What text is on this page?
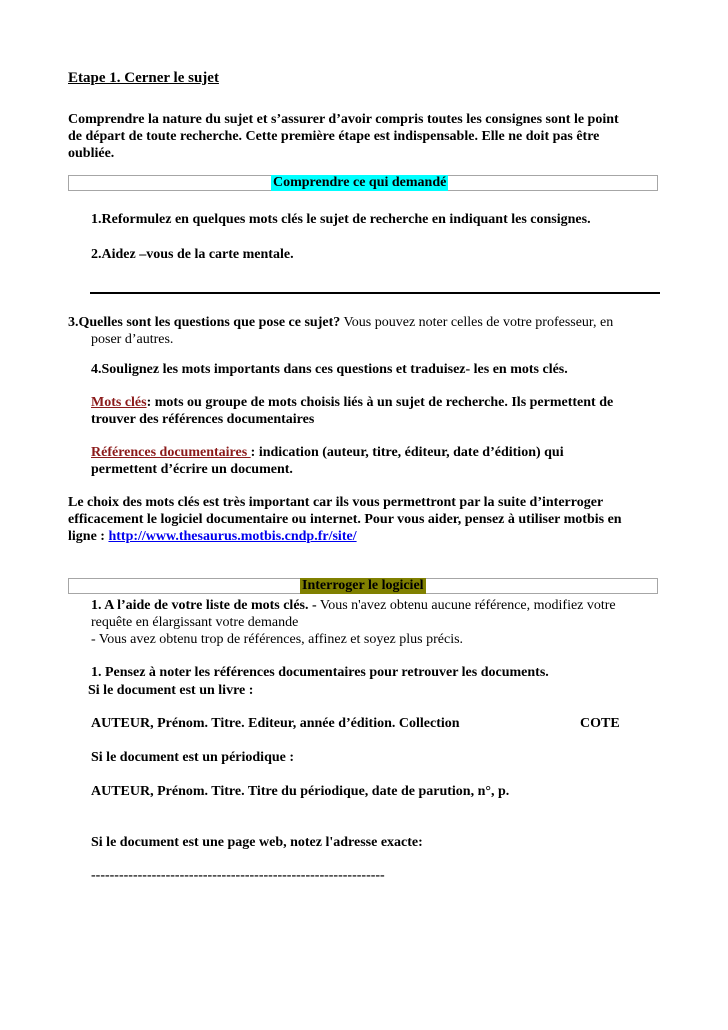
Etape 1. Cerner le sujet
Comprendre la nature du sujet et s’assurer d’avoir compris toutes les consignes sont le point
de départ de toute recherche. Cette première étape est indispensable. Elle ne doit pas être
oubliée.
Comprendre ce qui demandé
1.Reformulez en quelques mots clés le sujet de recherche en indiquant les consignes.
2.Aidez –vous de la carte mentale.
3.Quelles sont les questions que pose ce sujet? Vous pouvez noter celles de votre professeur, en
poser d’autres.
4.Soulignez les mots importants dans ces questions et traduisez- les en mots clés.
Mots clés: mots ou groupe de mots choisis liés à un sujet de recherche. Ils permettent de
trouver des références documentaires
Références documentaires : indication (auteur, titre, éditeur, date d’édition) qui
permettent d’écrire un document.
Le choix des mots clés est très important car ils vous permettront par la suite d’interroger
efficacement le logiciel documentaire ou internet. Pour vous aider, pensez à utiliser motbis en
ligne : http://www.thesaurus.motbis.cndp.fr/site/
Interroger le logiciel
1. A l’aide de votre liste de mots clés. - Vous n'avez obtenu aucune référence, modifiez votre
requête en élargissant votre demande
- Vous avez obtenu trop de références, affinez et soyez plus précis.
1. Pensez à noter les références documentaires pour retrouver les documents.
Si le document est un livre :
AUTEUR, Prénom. Titre. Editeur, année d’édition. Collection	COTE
Si le document est un périodique :
AUTEUR, Prénom. Titre. Titre du périodique, date de parution, n°, p.
Si le document est une page web, notez l'adresse exacte:
---------------------------------------------------------------
